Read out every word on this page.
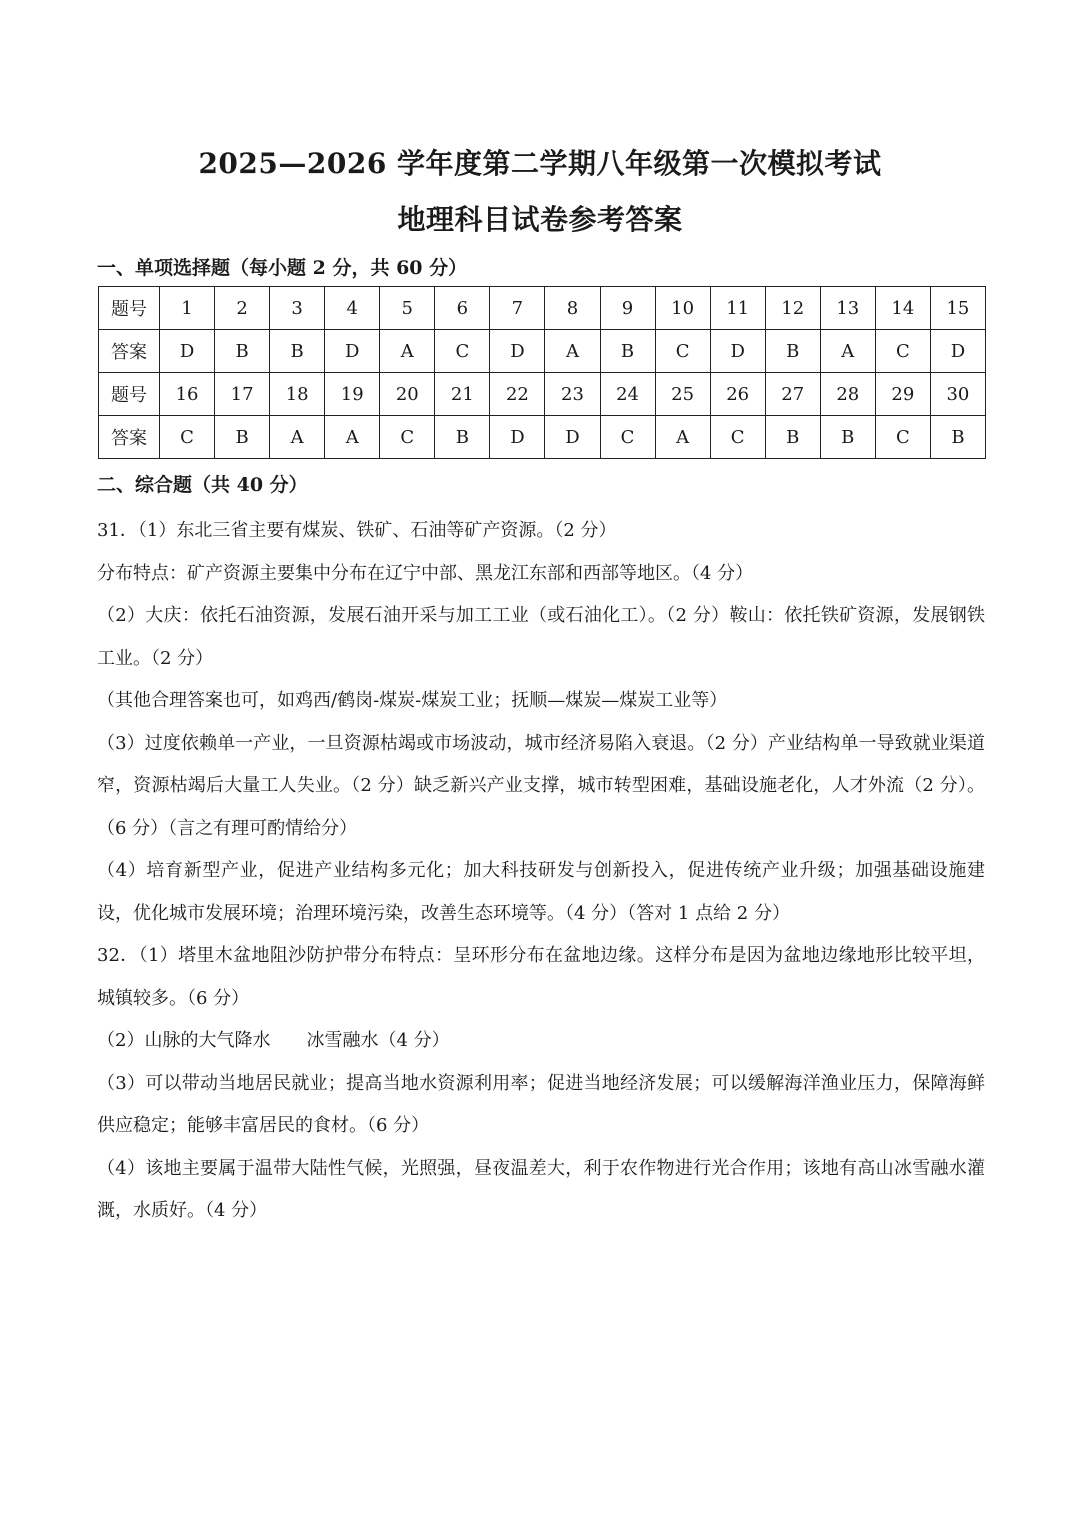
2025—2026 学年度第二学期八年级第一次模拟考试
地理科目试卷参考答案
一、单项选择题（每小题 2 分，共 60 分）
题号	1	2	3	4	5	6	7	8	9	10	11	12	13	14	15
答案	D	B	B	D	A	C	D	A	B	C	D	B	A	C	D
题号	16	17	18	19	20	21	22	23	24	25	26	27	28	29	30
答案	C	B	A	A	C	B	D	D	C	A	C	B	B	C	B
二、综合题（共 40 分）

31．（1）东北三省主要有煤炭、铁矿、石油等矿产资源。（2 分）

分布特点：矿产资源主要集中分布在辽宁中部、黑龙江东部和西部等地区。（4 分）

（2）大庆：依托石油资源，发展石油开采与加工工业（或石油化工）。（2 分）鞍山：依托铁矿资源，发展钢铁工业。（2 分）

（其他合理答案也可，如鸡西/鹤岗-煤炭-煤炭工业；抚顺—煤炭—煤炭工业等）

（3）过度依赖单一产业，一旦资源枯竭或市场波动，城市经济易陷入衰退。（2 分）产业结构单一导致就业渠道窄，资源枯竭后大量工人失业。（2 分）缺乏新兴产业支撑，城市转型困难，基础设施老化，人才外流（2 分）。（6 分）（言之有理可酌情给分）

（4）培育新型产业，促进产业结构多元化；加大科技研发与创新投入，促进传统产业升级；加强基础设施建设，优化城市发展环境；治理环境污染，改善生态环境等。（4 分）（答对 1 点给 2 分）

32．（1）塔里木盆地阻沙防护带分布特点：呈环形分布在盆地边缘。这样分布是因为盆地边缘地形比较平坦，城镇较多。（6 分）

（2）山脉的大气降水　　冰雪融水（4 分）

（3）可以带动当地居民就业；提高当地水资源利用率；促进当地经济发展；可以缓解海洋渔业压力，保障海鲜供应稳定；能够丰富居民的食材。（6 分）

（4）该地主要属于温带大陆性气候，光照强，昼夜温差大，利于农作物进行光合作用；该地有高山冰雪融水灌溉，水质好。（4 分）
